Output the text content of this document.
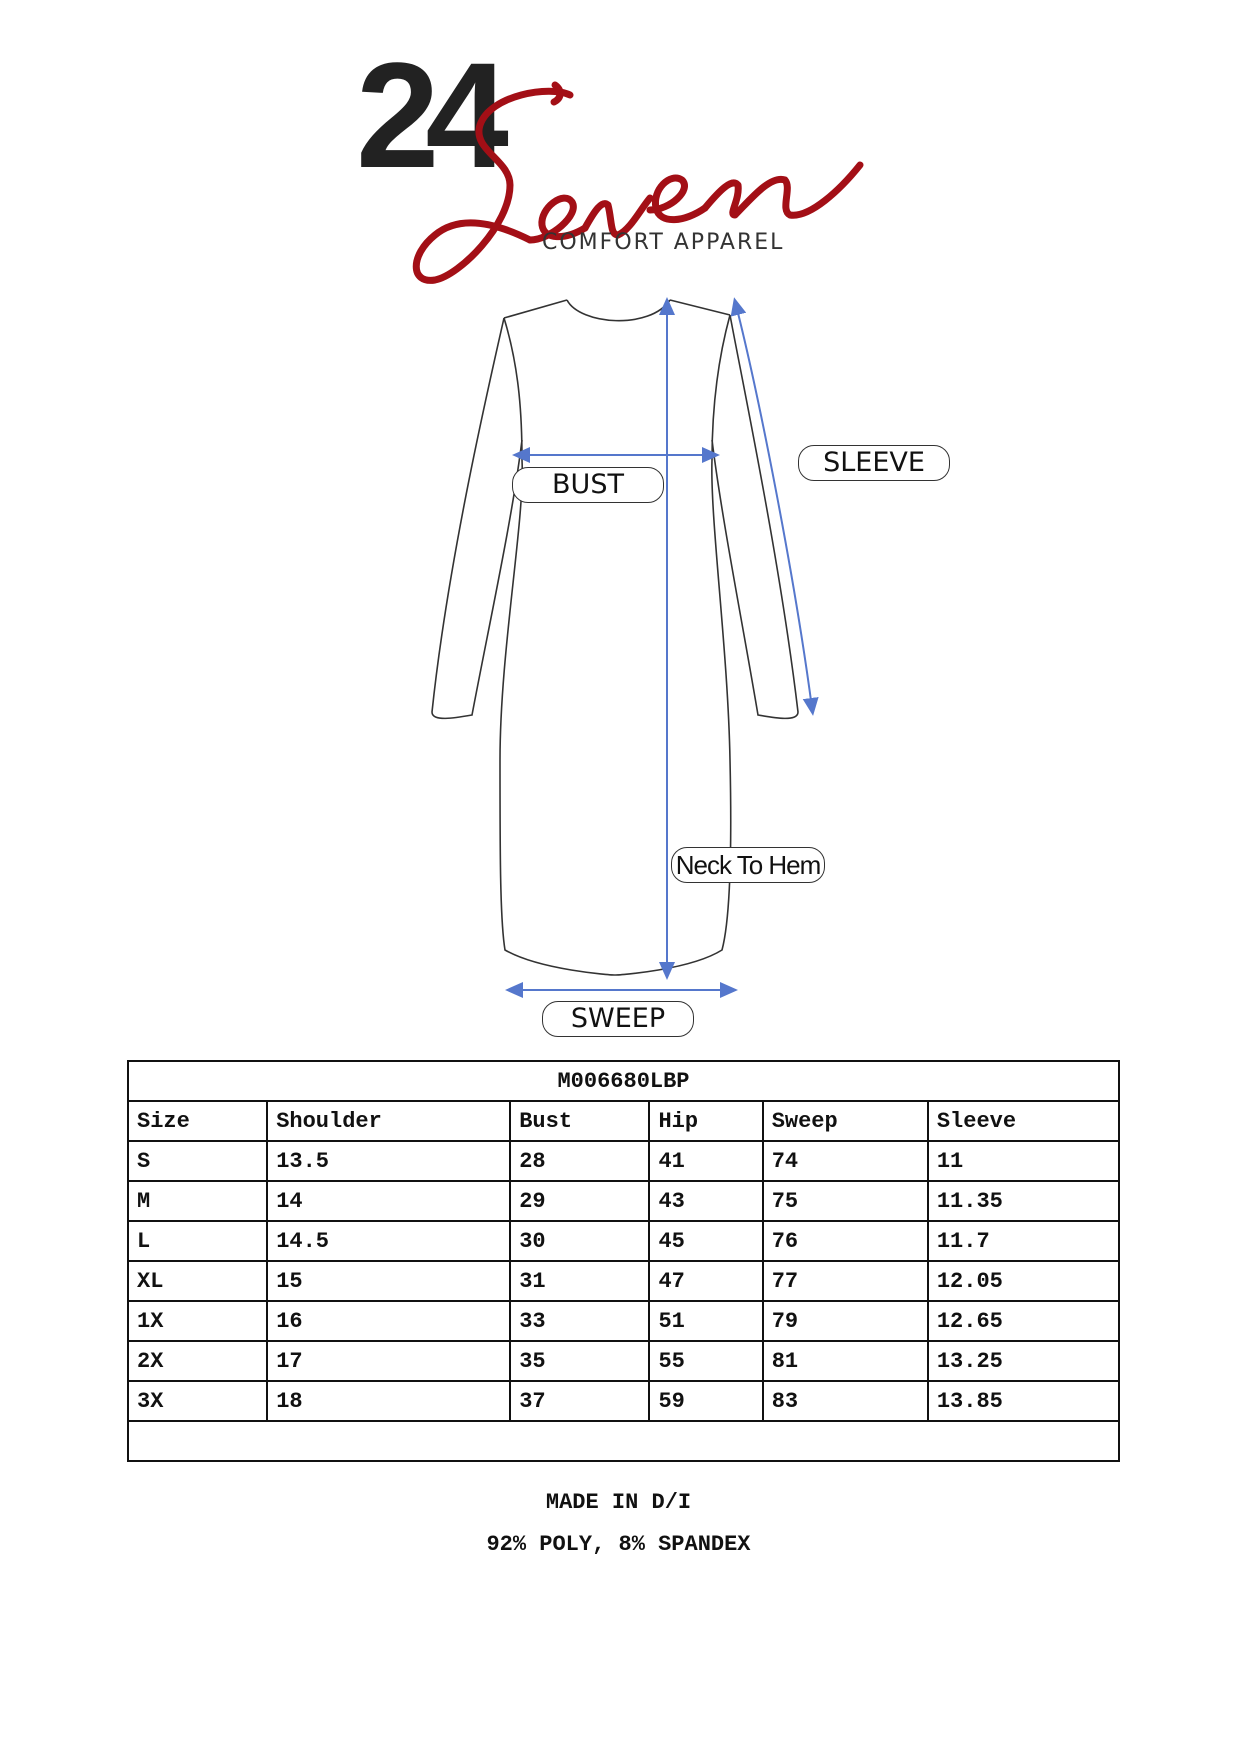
24
COMFORT APPAREL
BUST
SLEEVE
Neck To Hem
SWEEP
M006680LBP					
Size	Shoulder	Bust	Hip	Sweep	Sleeve
S	13.5	28	41	74	11
M	14	29	43	75	11.35
L	14.5	30	45	76	11.7
XL	15	31	47	77	12.05
1X	16	33	51	79	12.65
2X	17	35	55	81	13.25
3X	18	37	59	83	13.85

MADE IN D/I
92% POLY, 8% SPANDEX
